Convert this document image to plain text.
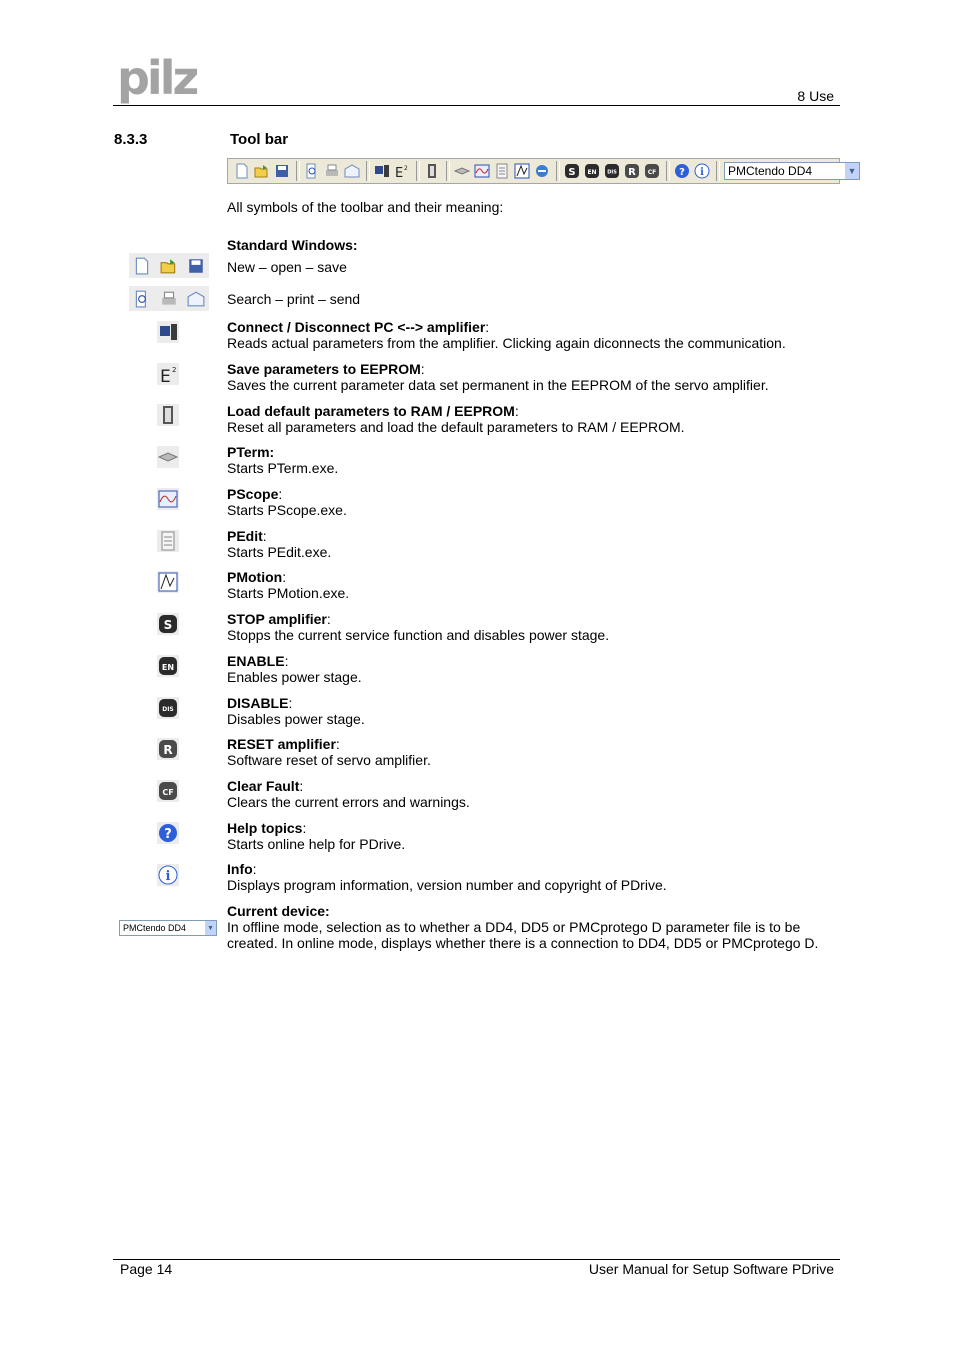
pilz	8 Use
8.3.3	Tool bar
E 2	S EN DIS R CF ? i PMCtendo DD4	▼
All symbols of the toolbar and their meaning:
E 2
S
EN
DIS
R
CF
?
i
PMCtendo DD4	▼
Standard Windows:
New – open – save
Search – print – send
Connect / Disconnect PC <--> amplifier:
Reads actual parameters from the amplifier. Clicking again diconnects the communication.
Save parameters to EEPROM:
Saves the current parameter data set permanent in the EEPROM of the servo amplifier.
Load default parameters to RAM / EEPROM:
Reset all parameters and load the default parameters to RAM / EEPROM.
PTerm:
Starts PTerm.exe.
PScope:
Starts PScope.exe.
PEdit:
Starts PEdit.exe.
PMotion:
Starts PMotion.exe.
STOP amplifier:
Stopps the current service function and disables power stage.
ENABLE:
Enables power stage.
DISABLE:
Disables power stage.
RESET amplifier:
Software reset of servo amplifier.
Clear Fault:
Clears the current errors and warnings.
Help topics:
Starts online help for PDrive.
Info:
Displays program information, version number and copyright of PDrive.
Current device:
In offline mode, selection as to whether a DD4, DD5 or PMCprotego D parameter file is to be created. In online mode, displays whether there is a connection to DD4, DD5 or PMCprotego D.
Page 14	User Manual for Setup Software PDrive
